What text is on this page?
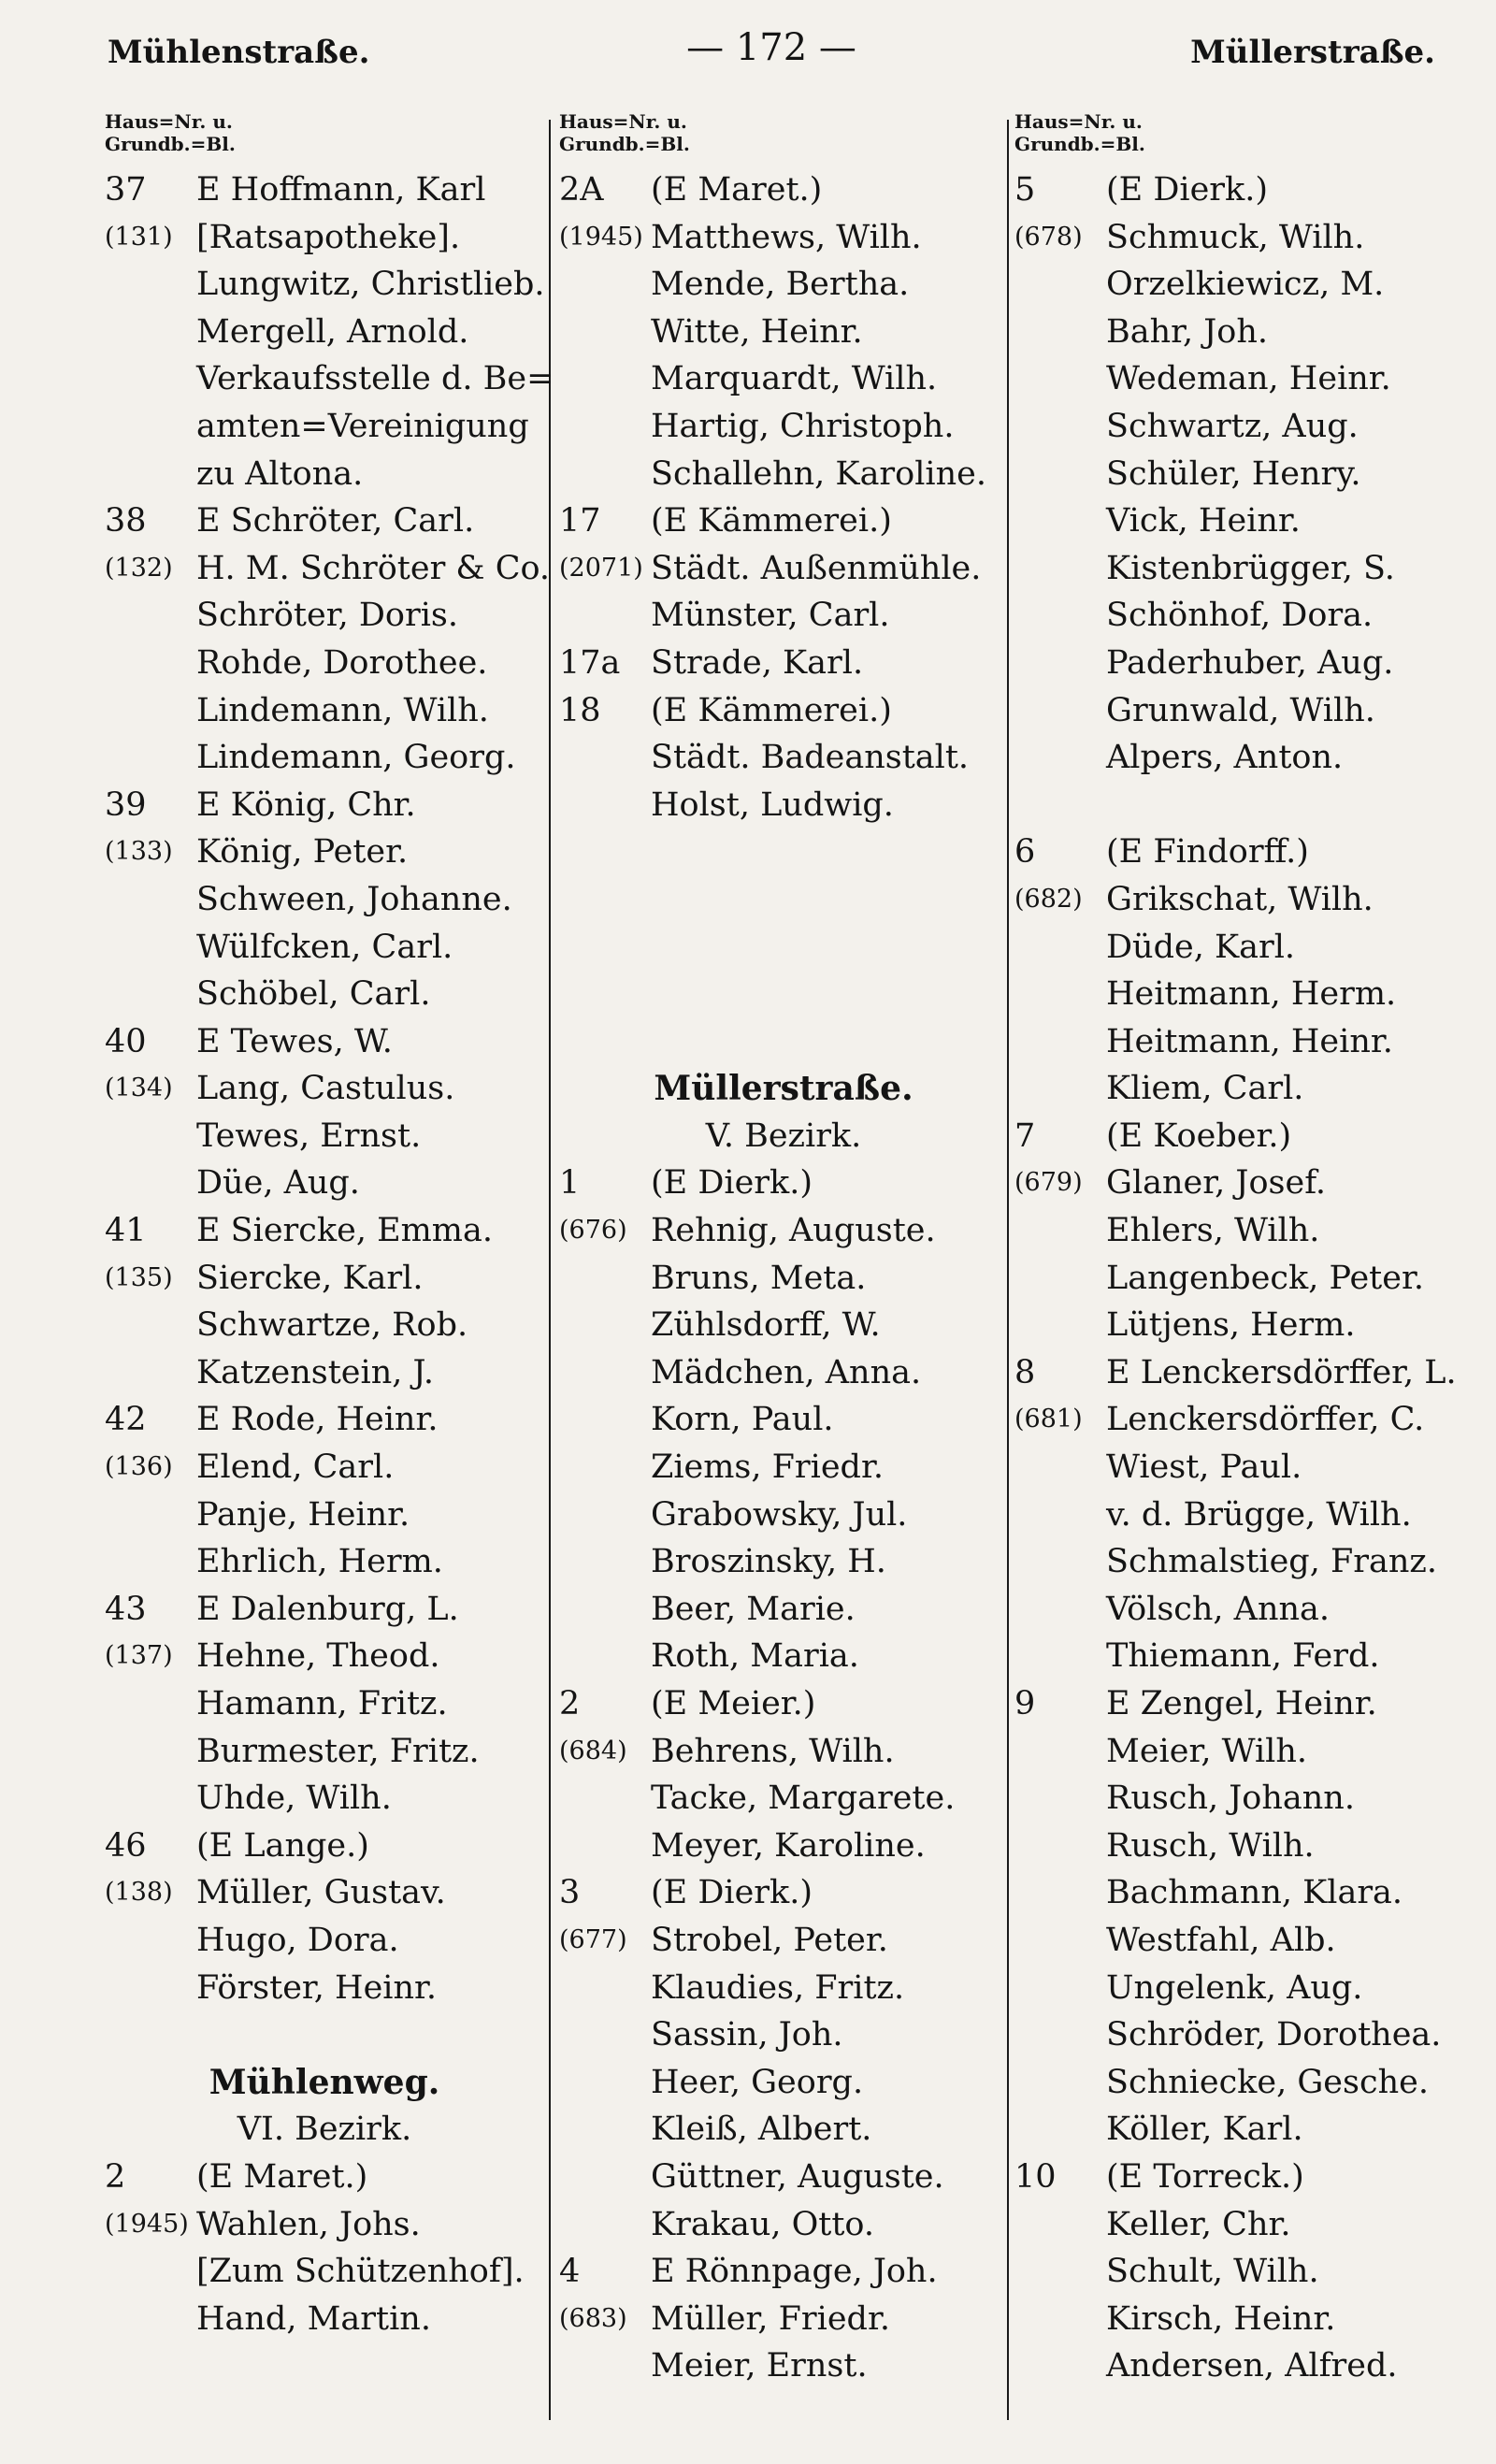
Mühlenstraße.	— 172 —	Müllerstraße.
Haus=Nr. u.
Grundb.=Bl.
37	E Hoffmann, Karl
(131) [Ratsapotheke].
Lungwitz, Christlieb.
Mergell, Arnold.
Verkaufsstelle d. Be=
amten=Vereinigung
zu Altona.
38	E Schröter, Carl.
(132) H. M. Schröter & Co.
Schröter, Doris.
Rohde, Dorothee.
Lindemann, Wilh.
Lindemann, Georg.
39	E König, Chr.
(133) König, Peter.
Schween, Johanne.
Wülfcken, Carl.
Schöbel, Carl.
40	E Tewes, W.
(134) Lang, Castulus.
Tewes, Ernst.
Düe, Aug.
41	E Siercke, Emma.
(135) Siercke, Karl.
Schwartze, Rob.
Katzenstein, J.
42	E Rode, Heinr.
(136) Elend, Carl.
Panje, Heinr.
Ehrlich, Herm.
43	E Dalenburg, L.
(137) Hehne, Theod.
Hamann, Fritz.
Burmester, Fritz.
Uhde, Wilh.
46	(E Lange.)
(138) Müller, Gustav.
Hugo, Dora.
Förster, Heinr.
Mühlenweg.
VI. Bezirk.
2	(E Maret.)
(1945) Wahlen, Johs.
[Zum Schützenhof].
Hand, Martin.
Haus=Nr. u.
Grundb.=Bl.
2A	(E Maret.)
(1945) Matthews, Wilh.
Mende, Bertha.
Witte, Heinr.
Marquardt, Wilh.
Hartig, Christoph.
Schallehn, Karoline.
17	(E Kämmerei.)
(2071) Städt. Außenmühle.
Münster, Carl.
17a Strade, Karl.
18	(E Kämmerei.)
Städt. Badeanstalt.
Holst, Ludwig.
Müllerstraße.
V. Bezirk.
1	(E Dierk.)
(676) Rehnig, Auguste.
Bruns, Meta.
Zühlsdorff, W.
Mädchen, Anna.
Korn, Paul.
Ziems, Friedr.
Grabowsky, Jul.
Broszinsky, H.
Beer, Marie.
Roth, Maria.
2	(E Meier.)
(684) Behrens, Wilh.
Tacke, Margarete.
Meyer, Karoline.
3	(E Dierk.)
(677) Strobel, Peter.
Klaudies, Fritz.
Sassin, Joh.
Heer, Georg.
Kleiß, Albert.
Güttner, Auguste.
Krakau, Otto.
4	E Rönnpage, Joh.
(683) Müller, Friedr.
Meier, Ernst.
Haus=Nr. u.
Grundb.=Bl.
5	(E Dierk.)
(678) Schmuck, Wilh.
Orzelkiewicz, M.
Bahr, Joh.
Wedeman, Heinr.
Schwartz, Aug.
Schüler, Henry.
Vick, Heinr.
Kistenbrügger, S.
Schönhof, Dora.
Paderhuber, Aug.
Grunwald, Wilh.
Alpers, Anton.
6	(E Findorff.)
(682) Grikschat, Wilh.
Düde, Karl.
Heitmann, Herm.
Heitmann, Heinr.
Kliem, Carl.
7	(E Koeber.)
(679) Glaner, Josef.
Ehlers, Wilh.
Langenbeck, Peter.
Lütjens, Herm.
8	E Lenckersdörffer, L.
(681) Lenckersdörffer, C.
Wiest, Paul.
v. d. Brügge, Wilh.
Schmalstieg, Franz.
Völsch, Anna.
Thiemann, Ferd.
9	E Zengel, Heinr.
Meier, Wilh.
Rusch, Johann.
Rusch, Wilh.
Bachmann, Klara.
Westfahl, Alb.
Ungelenk, Aug.
Schröder, Dorothea.
Schniecke, Gesche.
Köller, Karl.
10	(E Torreck.)
Keller, Chr.
Schult, Wilh.
Kirsch, Heinr.
Andersen, Alfred.
